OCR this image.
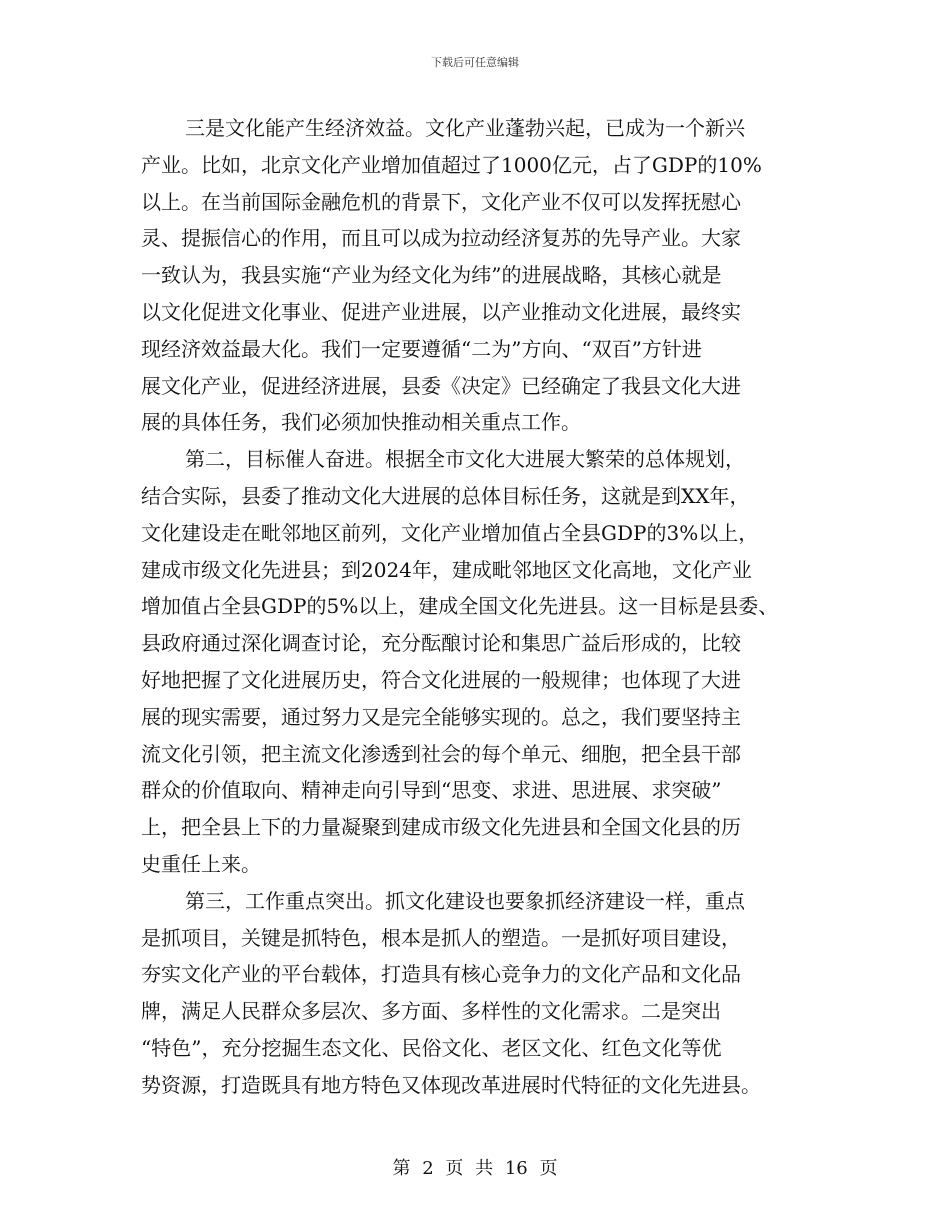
下载后可任意编辑

三是文化能产生经济效益。文化产业蓬勃兴起，已成为一个新兴
产业。比如，北京文化产业增加值超过了1000亿元，占了GDP的10%
以上。在当前国际金融危机的背景下，文化产业不仅可以发挥抚慰心
灵、提振信心的作用，而且可以成为拉动经济复苏的先导产业。大家
一致认为，我县实施“产业为经文化为纬”的进展战略，其核心就是
以文化促进文化事业、促进产业进展，以产业推动文化进展，最终实
现经济效益最大化。我们一定要遵循“二为”方向、“双百”方针进
展文化产业，促进经济进展，县委《决定》已经确定了我县文化大进
展的具体任务，我们必须加快推动相关重点工作。

第二，目标催人奋进。根据全市文化大进展大繁荣的总体规划，
结合实际，县委了推动文化大进展的总体目标任务，这就是到XX年，
文化建设走在毗邻地区前列，文化产业增加值占全县GDP的3%以上，
建成市级文化先进县；到2024年，建成毗邻地区文化高地，文化产业
增加值占全县GDP的5%以上，建成全国文化先进县。这一目标是县委、
县政府通过深化调查讨论，充分酝酿讨论和集思广益后形成的，比较
好地把握了文化进展历史，符合文化进展的一般规律；也体现了大进
展的现实需要，通过努力又是完全能够实现的。总之，我们要坚持主
流文化引领，把主流文化渗透到社会的每个单元、细胞，把全县干部
群众的价值取向、精神走向引导到“思变、求进、思进展、求突破”
上，把全县上下的力量凝聚到建成市级文化先进县和全国文化县的历
史重任上来。

第三，工作重点突出。抓文化建设也要象抓经济建设一样，重点
是抓项目，关键是抓特色，根本是抓人的塑造。一是抓好项目建设，
夯实文化产业的平台载体，打造具有核心竞争力的文化产品和文化品
牌，满足人民群众多层次、多方面、多样性的文化需求。二是突出
“特色”，充分挖掘生态文化、民俗文化、老区文化、红色文化等优
势资源，打造既具有地方特色又体现改革进展时代特征的文化先进县。

第 2 页 共 16 页
